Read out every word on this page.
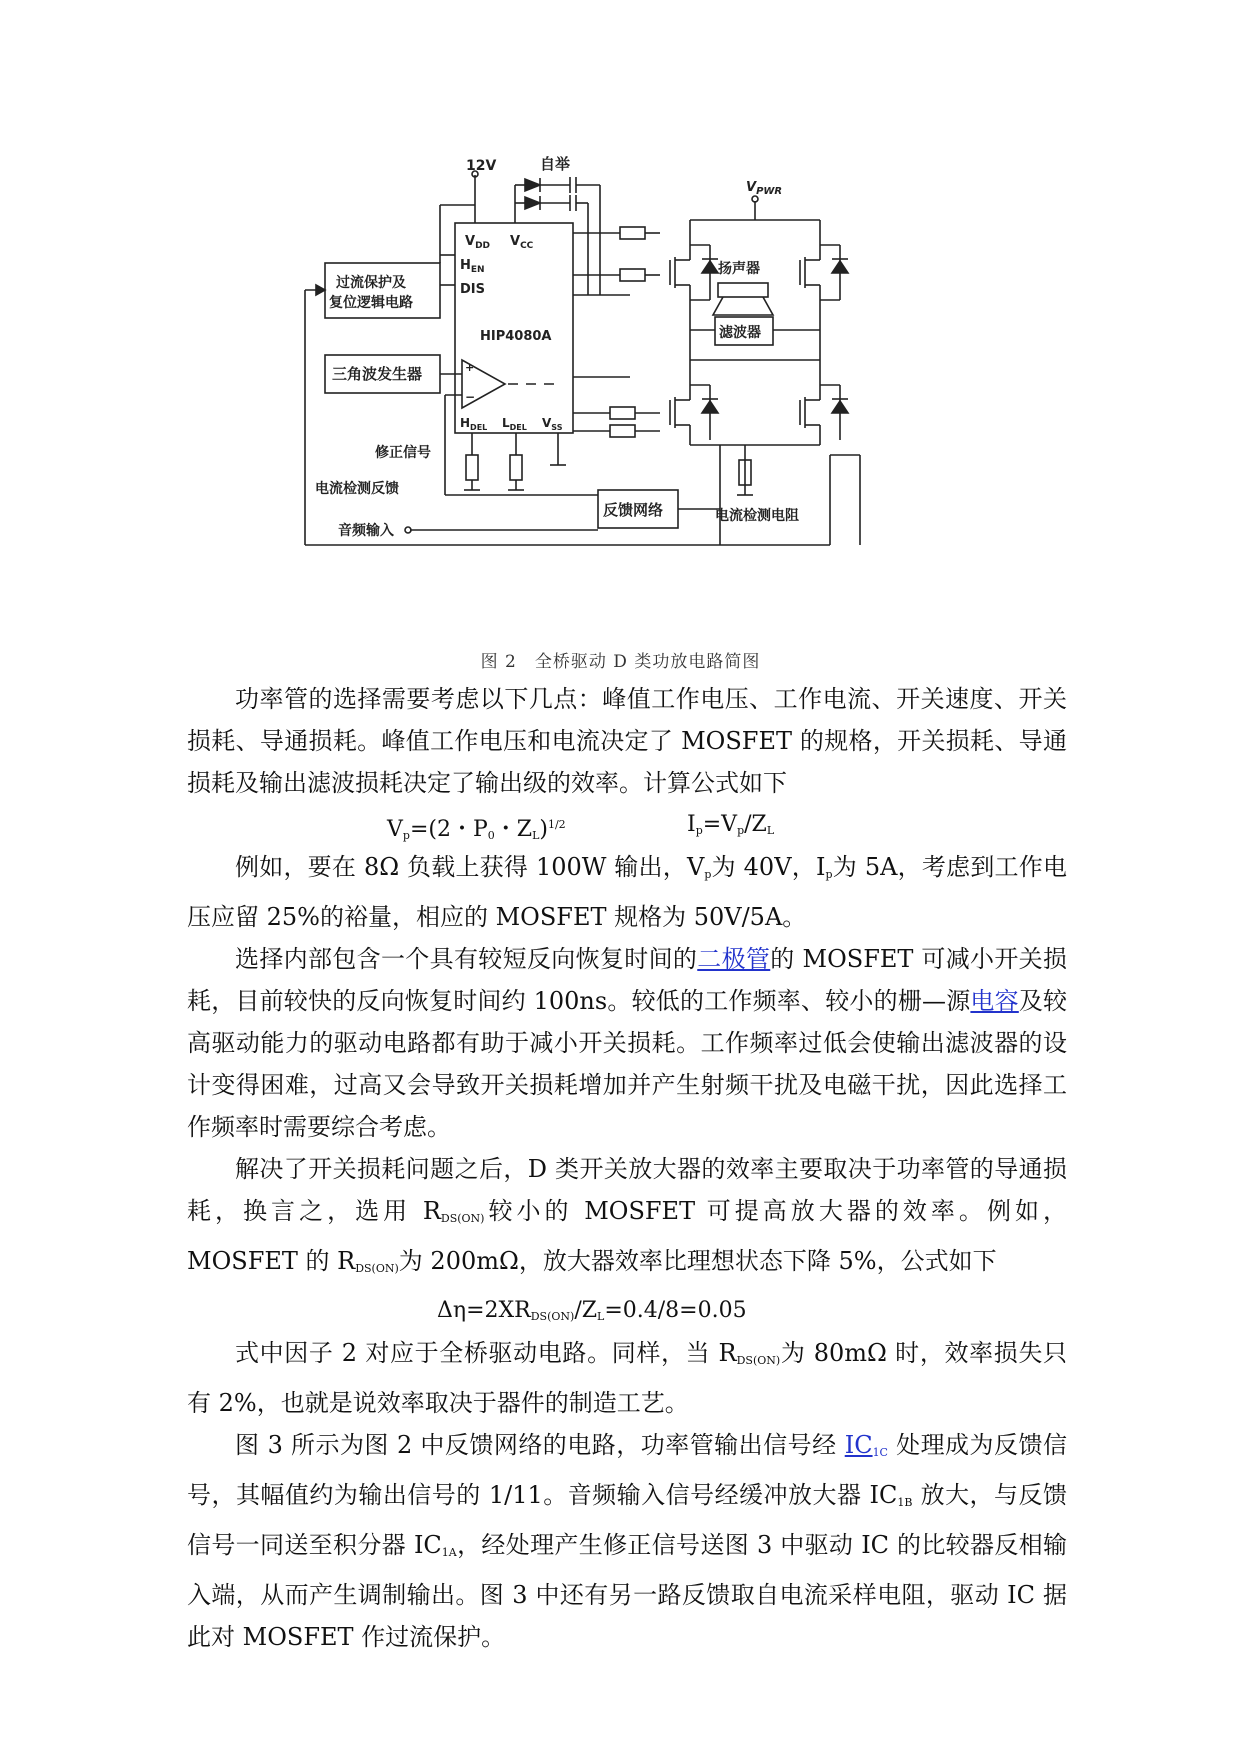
12V	自举
$V_{PWR}$
$V_{DD}$ $V_{CC}$
$H_{EN}$
DIS
HIP4080A
过流保护及
复位逻辑电路
三角波发生器	+
−
扬声器
滤波器
$H_{DEL}$ $L_{DEL}$ $V_{SS}$
修正信号
电流检测反馈
音频输入
反馈网络	电流检测电阻
图 2　全桥驱动 D 类功放电路简图

功率管的选择需要考虑以下几点：峰值工作电压、工作电流、开关速度、开关损耗、导通损耗。峰值工作电压和电流决定了 MOSFET 的规格，开关损耗、导通损耗及输出滤波损耗决定了输出级的效率。计算公式如下

$V_p=(2$・$P_0$・$Z_L)^{1/2}$	$I_p=V_p/Z_L$

例如，要在 8Ω 负载上获得 100W 输出，$V_p$为 40V，$I_p$为 5A，考虑到工作电压应留 25%的裕量，相应的 MOSFET 规格为 50V/5A。

选择内部包含一个具有较短反向恢复时间的二极管的 MOSFET 可减小开关损耗，目前较快的反向恢复时间约 100ns。较低的工作频率、较小的栅—源电容及较高驱动能力的驱动电路都有助于减小开关损耗。工作频率过低会使输出滤波器的设计变得困难，过高又会导致开关损耗增加并产生射频干扰及电磁干扰，因此选择工作频率时需要综合考虑。

解决了开关损耗问题之后，D 类开关放大器的效率主要取决于功率管的导通损耗，换言之，选用 $R_{DS(ON)}$较小的 MOSFET 可提高放大器的效率。例如，MOSFET 的 $R_{DS(ON)}$为 200mΩ，放大器效率比理想状态下降 5%，公式如下

$\Delta\eta=2XR_{DS(ON)}/Z_L=0.4/8=0.05$

式中因子 2 对应于全桥驱动电路。同样，当 $R_{DS(ON)}$为 80mΩ 时，效率损失只有 2%，也就是说效率取决于器件的制造工艺。

图 3 所示为图 2 中反馈网络的电路，功率管输出信号经 $IC_{1C}$ 处理成为反馈信号，其幅值约为输出信号的 1/11。音频输入信号经缓冲放大器 $IC_{1B}$ 放大，与反馈信号一同送至积分器 $IC_{1A}$，经处理产生修正信号送图 3 中驱动 IC 的比较器反相输入端，从而产生调制输出。图 3 中还有另一路反馈取自电流采样电阻，驱动 IC 据此对 MOSFET 作过流保护。
